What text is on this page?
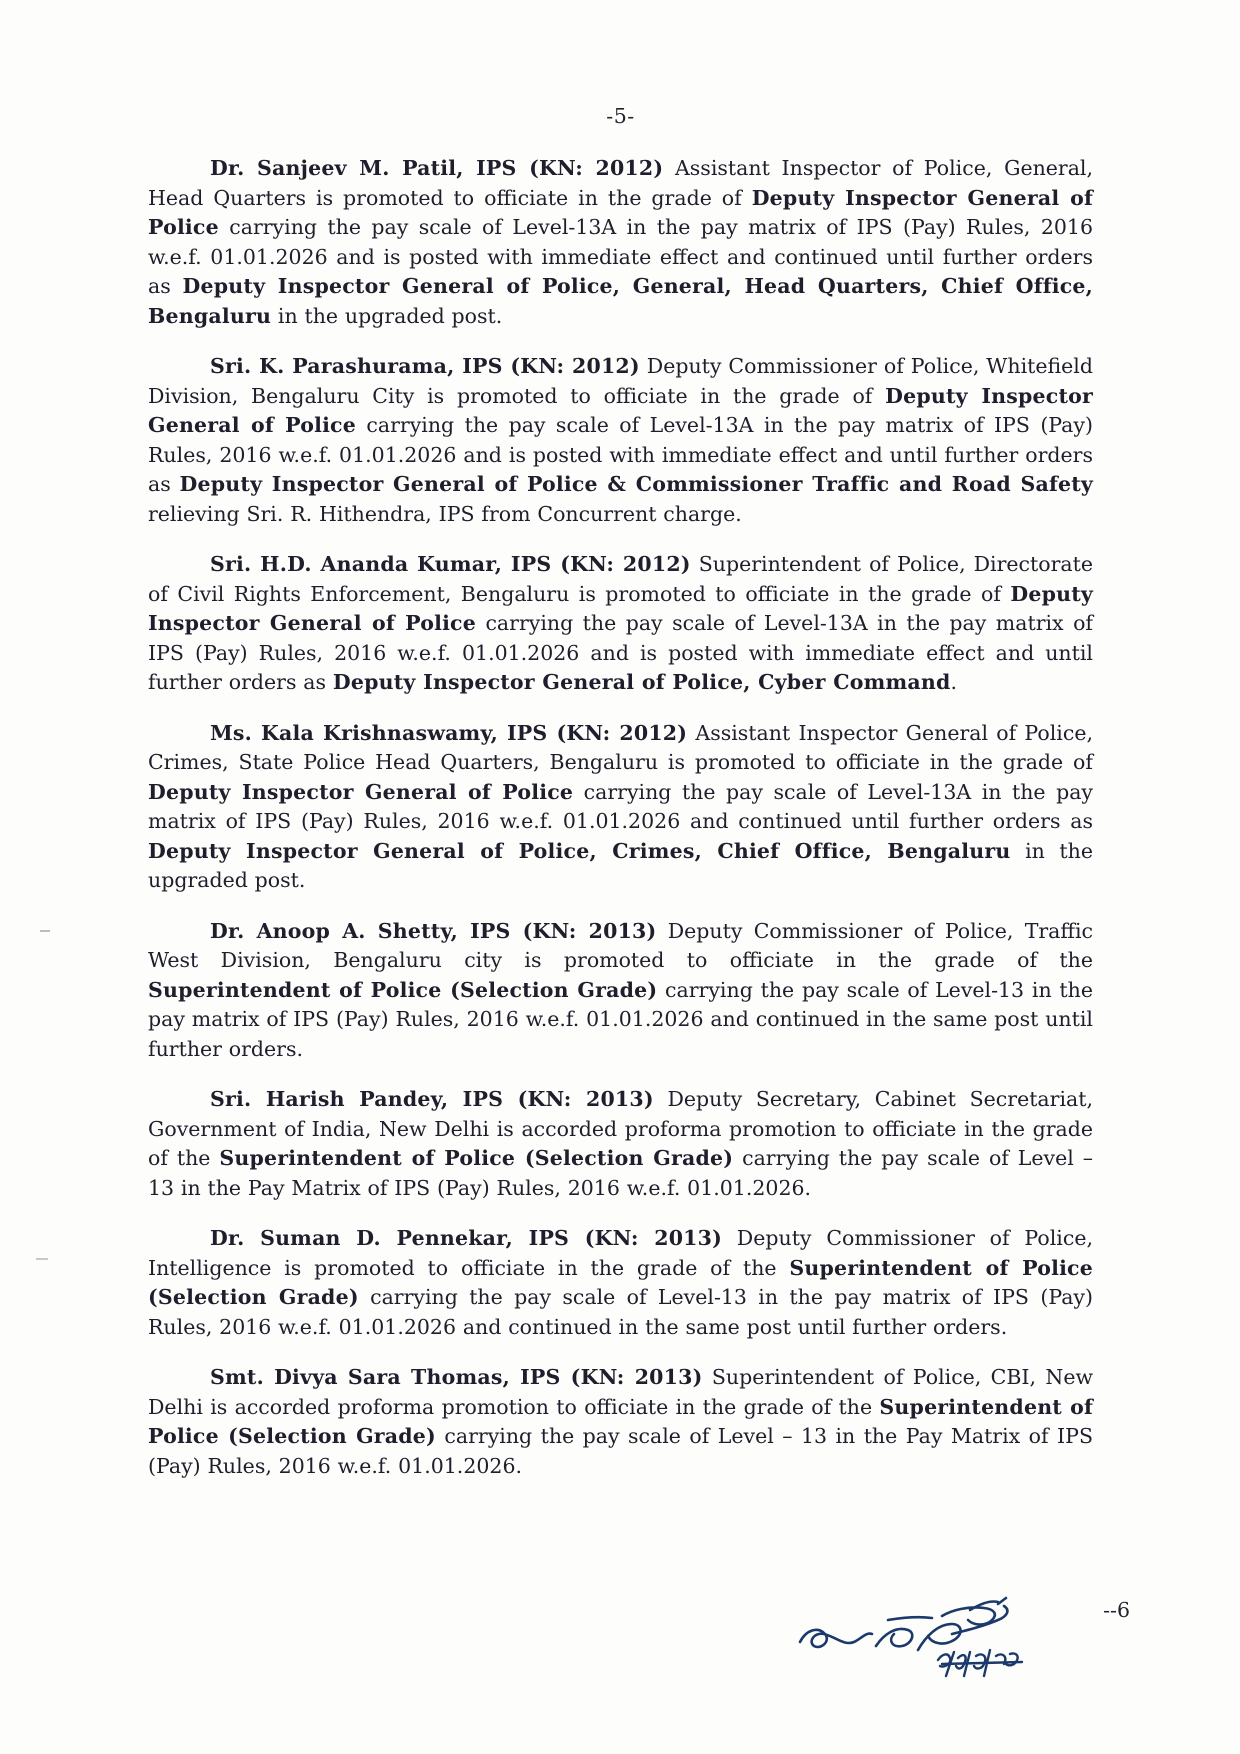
-5-

Dr. Sanjeev M. Patil, IPS (KN: 2012) Assistant Inspector of Police, General, Head Quarters is promoted to officiate in the grade of Deputy Inspector General of Police carrying the pay scale of Level-13A in the pay matrix of IPS (Pay) Rules, 2016 w.e.f. 01.01.2026 and is posted with immediate effect and continued until further orders as Deputy Inspector General of Police, General, Head Quarters, Chief Office, Bengaluru in the upgraded post.

Sri. K. Parashurama, IPS (KN: 2012) Deputy Commissioner of Police, Whitefield Division, Bengaluru City is promoted to officiate in the grade of Deputy Inspector General of Police carrying the pay scale of Level-13A in the pay matrix of IPS (Pay) Rules, 2016 w.e.f. 01.01.2026 and is posted with immediate effect and until further orders as Deputy Inspector General of Police & Commissioner Traffic and Road Safety relieving Sri. R. Hithendra, IPS from Concurrent charge.

Sri. H.D. Ananda Kumar, IPS (KN: 2012) Superintendent of Police, Directorate of Civil Rights Enforcement, Bengaluru is promoted to officiate in the grade of Deputy Inspector General of Police carrying the pay scale of Level-13A in the pay matrix of IPS (Pay) Rules, 2016 w.e.f. 01.01.2026 and is posted with immediate effect and until further orders as Deputy Inspector General of Police, Cyber Command.

Ms. Kala Krishnaswamy, IPS (KN: 2012) Assistant Inspector General of Police, Crimes, State Police Head Quarters, Bengaluru is promoted to officiate in the grade of Deputy Inspector General of Police carrying the pay scale of Level-13A in the pay matrix of IPS (Pay) Rules, 2016 w.e.f. 01.01.2026 and continued until further orders as Deputy Inspector General of Police, Crimes, Chief Office, Bengaluru in the upgraded post.

Dr. Anoop A. Shetty, IPS (KN: 2013) Deputy Commissioner of Police, Traffic West Division, Bengaluru city is promoted to officiate in the grade of the Superintendent of Police (Selection Grade) carrying the pay scale of Level-13 in the pay matrix of IPS (Pay) Rules, 2016 w.e.f. 01.01.2026 and continued in the same post until further orders.

Sri. Harish Pandey, IPS (KN: 2013) Deputy Secretary, Cabinet Secretariat, Government of India, New Delhi is accorded proforma promotion to officiate in the grade of the Superintendent of Police (Selection Grade) carrying the pay scale of Level – 13 in the Pay Matrix of IPS (Pay) Rules, 2016 w.e.f. 01.01.2026.

Dr. Suman D. Pennekar, IPS (KN: 2013) Deputy Commissioner of Police, Intelligence is promoted to officiate in the grade of the Superintendent of Police (Selection Grade) carrying the pay scale of Level-13 in the pay matrix of IPS (Pay) Rules, 2016 w.e.f. 01.01.2026 and continued in the same post until further orders.

Smt. Divya Sara Thomas, IPS (KN: 2013) Superintendent of Police, CBI, New Delhi is accorded proforma promotion to officiate in the grade of the Superintendent of Police (Selection Grade) carrying the pay scale of Level – 13 in the Pay Matrix of IPS (Pay) Rules, 2016 w.e.f. 01.01.2026.

--6
